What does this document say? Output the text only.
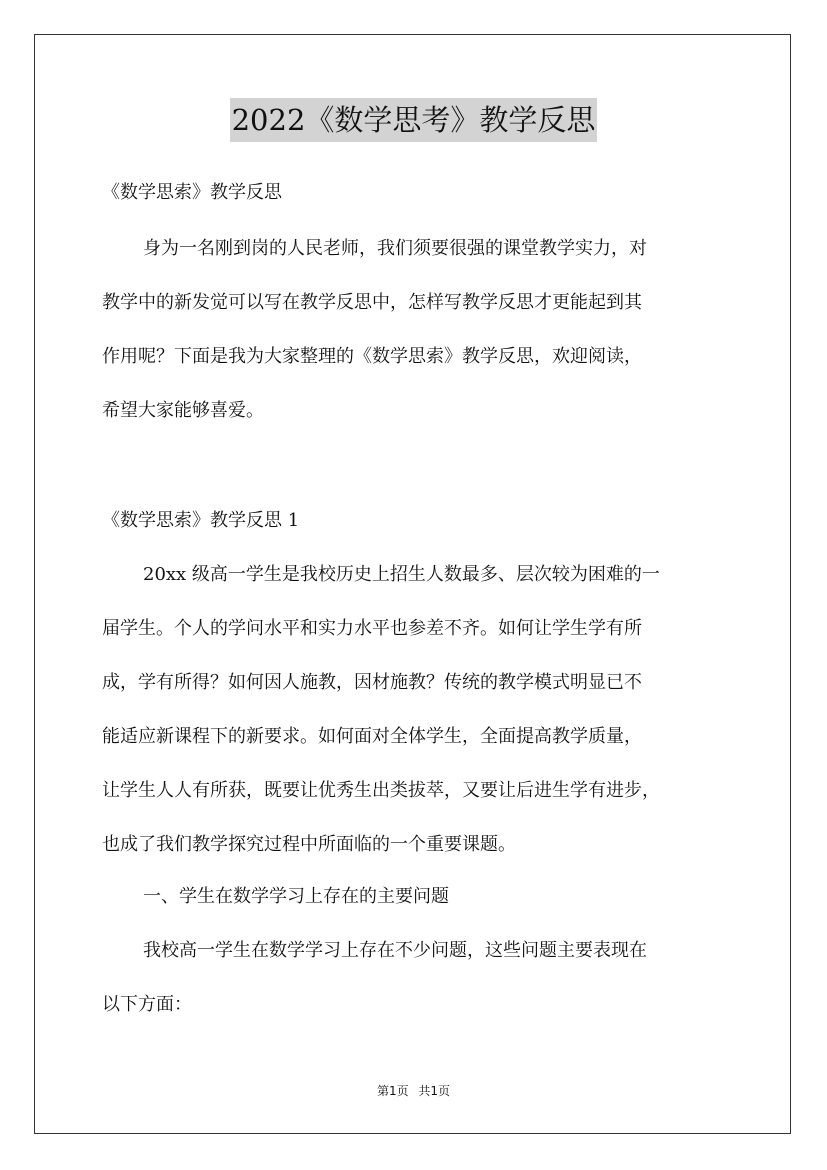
2022《数学思考》教学反思
《数学思索》教学反思
身为一名刚到岗的人民老师，我们须要很强的课堂教学实力，对
教学中的新发觉可以写在教学反思中，怎样写教学反思才更能起到其
作用呢？下面是我为大家整理的《数学思索》教学反思，欢迎阅读，
希望大家能够喜爱。
《数学思索》教学反思 1
20xx 级高一学生是我校历史上招生人数最多、层次较为困难的一
届学生。个人的学问水平和实力水平也参差不齐。如何让学生学有所
成，学有所得？如何因人施教，因材施教？传统的教学模式明显已不
能适应新课程下的新要求。如何面对全体学生，全面提高教学质量，
让学生人人有所获，既要让优秀生出类拔萃，又要让后进生学有进步，
也成了我们教学探究过程中所面临的一个重要课题。
一、学生在数学学习上存在的主要问题
我校高一学生在数学学习上存在不少问题，这些问题主要表现在
以下方面：
第1页 共1页
